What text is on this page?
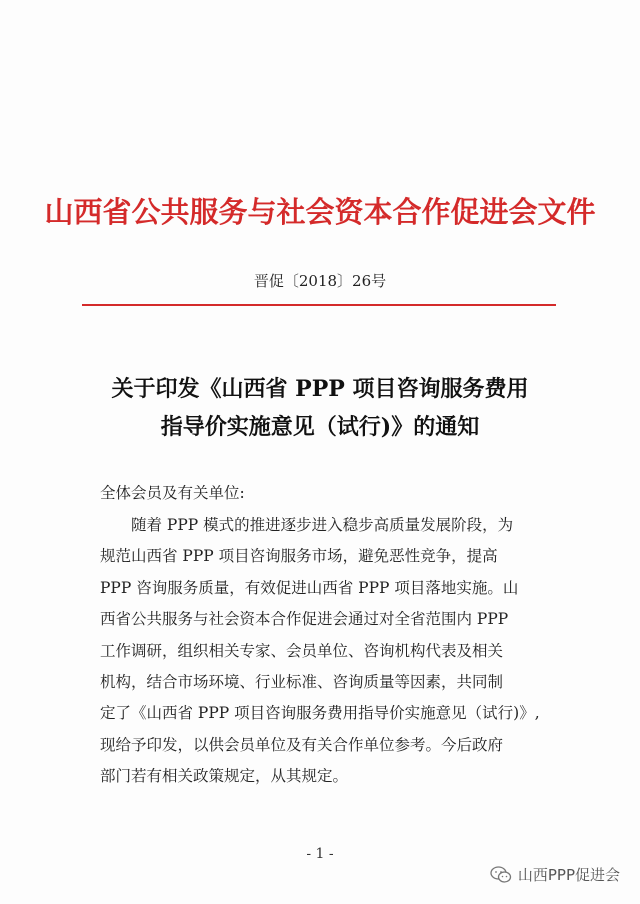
山西省公共服务与社会资本合作促进会文件
晋促〔2018〕26号
关于印发《山西省 PPP 项目咨询服务费用
指导价实施意见（试行)》的通知
全体会员及有关单位:
　　随着 PPP 模式的推进逐步进入稳步高质量发展阶段，为
规范山西省 PPP 项目咨询服务市场，避免恶性竞争，提高
PPP 咨询服务质量，有效促进山西省 PPP 项目落地实施。山
西省公共服务与社会资本合作促进会通过对全省范围内 PPP
工作调研，组织相关专家、会员单位、咨询机构代表及相关
机构，结合市场环境、行业标准、咨询质量等因素，共同制
定了《山西省 PPP 项目咨询服务费用指导价实施意见（试行)》,
现给予印发，以供会员单位及有关合作单位参考。今后政府
部门若有相关政策规定，从其规定。
- 1 -
山西PPP促进会
